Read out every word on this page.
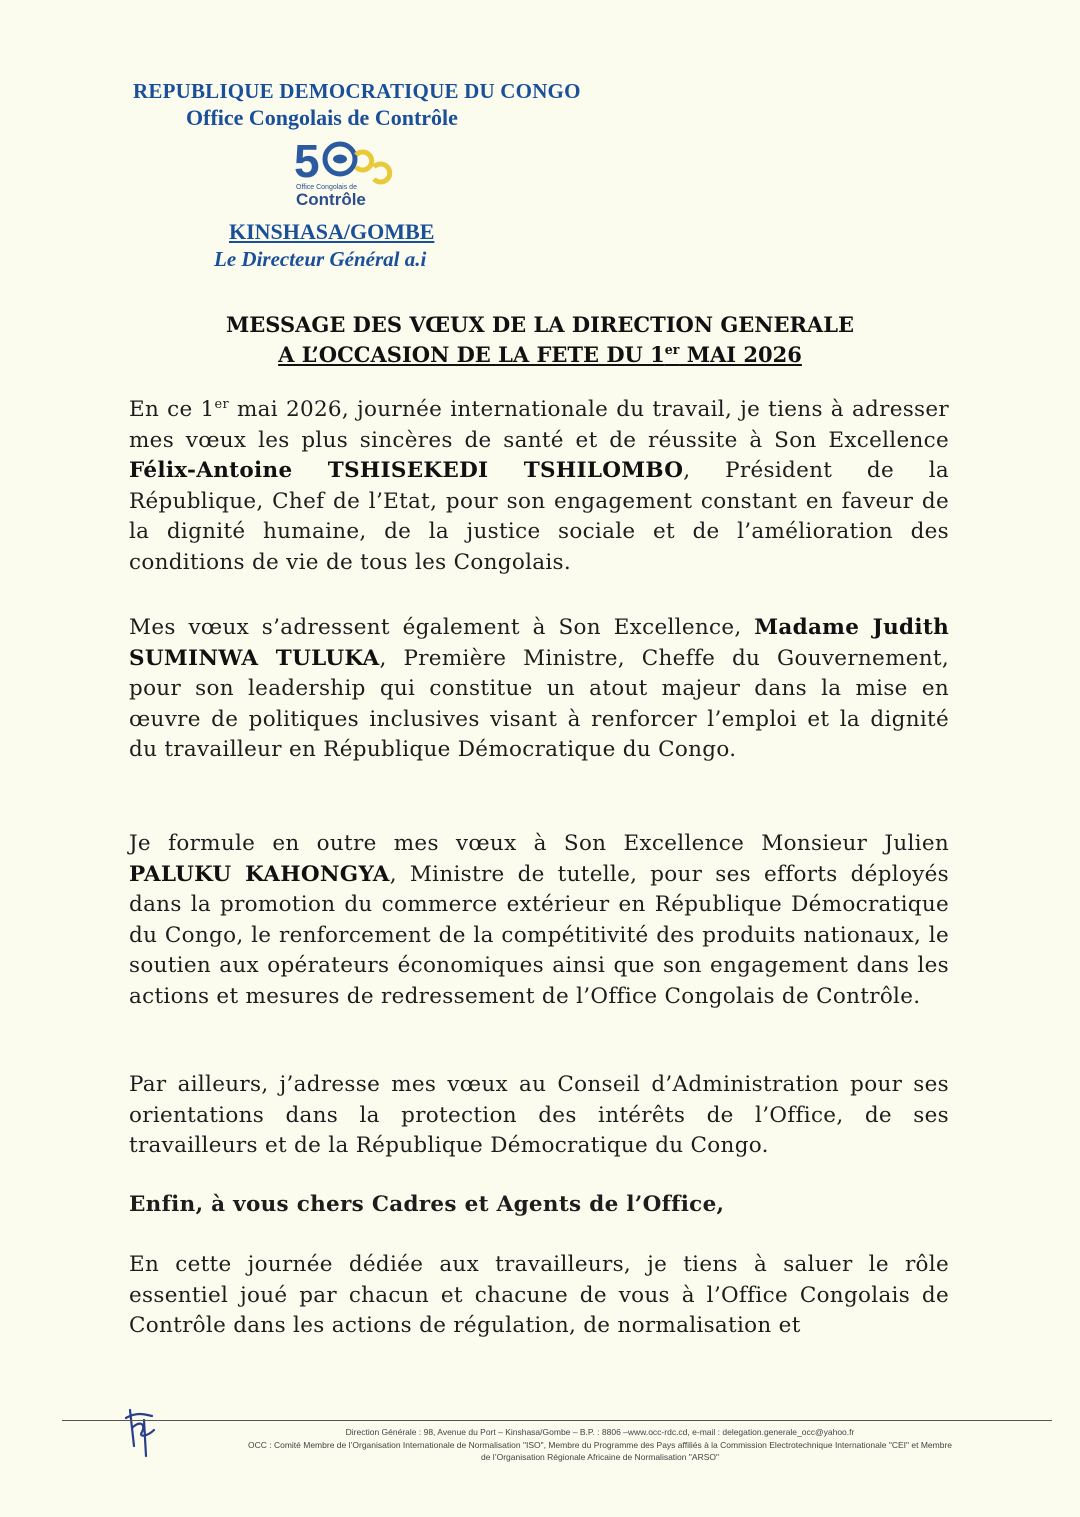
REPUBLIQUE DEMOCRATIQUE DU CONGO
Office Congolais de Contrôle
5
Office Congolais de
Contrôle
KINSHASA/GOMBE
Le Directeur Général a.i
MESSAGE DES VŒUX DE LA DIRECTION GENERALE
A L’OCCASION DE LA FETE DU 1er MAI 2026
En ce 1er mai 2026, journée internationale du travail, je tiens à adresser mes vœux les plus sincères de santé et de réussite à Son Excellence Félix-Antoine TSHISEKEDI TSHILOMBO, Président de la République, Chef de l’Etat, pour son engagement constant en faveur de la dignité humaine, de la justice sociale et de l’amélioration des conditions de vie de tous les Congolais.
Mes vœux s’adressent également à Son Excellence, Madame Judith SUMINWA TULUKA, Première Ministre, Cheffe du Gouvernement, pour son leadership qui constitue un atout majeur dans la mise en œuvre de politiques inclusives visant à renforcer l’emploi et la dignité du travailleur en République Démocratique du Congo.
Je formule en outre mes vœux à Son Excellence Monsieur Julien PALUKU KAHONGYA, Ministre de tutelle, pour ses efforts déployés dans la promotion du commerce extérieur en République Démocratique du Congo, le renforcement de la compétitivité des produits nationaux, le soutien aux opérateurs économiques ainsi que son engagement dans les actions et mesures de redressement de l’Office Congolais de Contrôle.
Par ailleurs, j’adresse mes vœux au Conseil d’Administration pour ses orientations dans la protection des intérêts de l’Office, de ses travailleurs et de la République Démocratique du Congo.
Enfin, à vous chers Cadres et Agents de l’Office,
En cette journée dédiée aux travailleurs, je tiens à saluer le rôle essentiel joué par chacun et chacune de vous à l’Office Congolais de Contrôle dans les actions de régulation, de normalisation et
Direction Générale : 98, Avenue du Port – Kinshasa/Gombe – B.P. : 8806 –www.occ-rdc.cd, e-mail : delegation.generale_occ@yahoo.fr
OCC : Comité Membre de l’Organisation Internationale de Normalisation "ISO", Membre du Programme des Pays affiliés à la Commission Electrotechnique Internationale "CEI" et Membre
de l’Organisation Régionale Africaine de Normalisation "ARSO"
